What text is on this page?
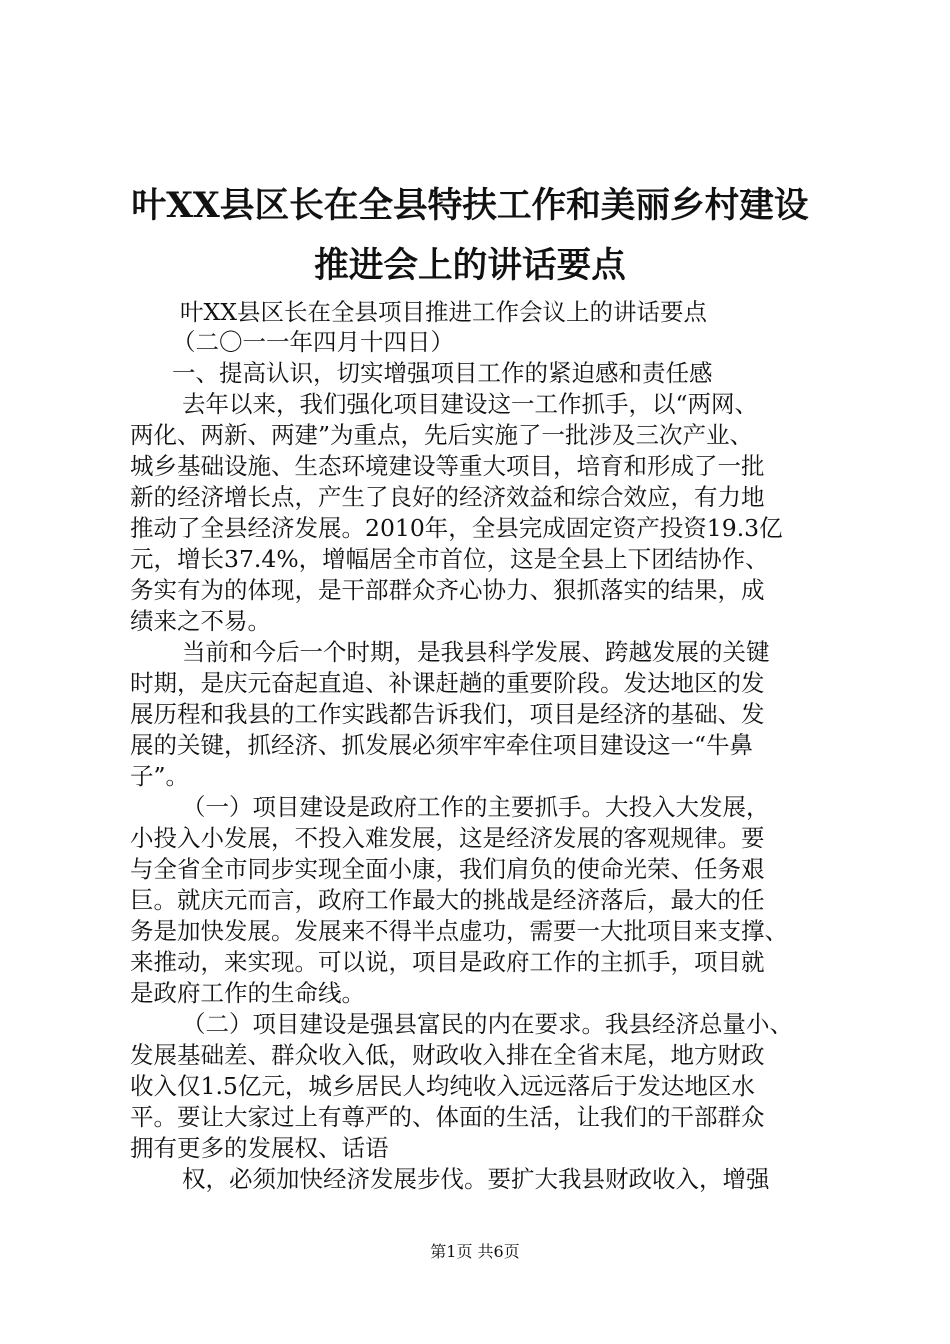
叶XX县区长在全县特扶工作和美丽乡村建设
推进会上的讲话要点
叶XX县区长在全县项目推进工作会议上的讲话要点
（二〇一一年四月十四日）
一、提高认识，切实增强项目工作的紧迫感和责任感
去年以来，我们强化项目建设这一工作抓手，以“两网、
两化、两新、两建”为重点，先后实施了一批涉及三次产业、
城乡基础设施、生态环境建设等重大项目，培育和形成了一批
新的经济增长点，产生了良好的经济效益和综合效应，有力地
推动了全县经济发展。2010年，全县完成固定资产投资19.3亿
元，增长37.4%，增幅居全市首位，这是全县上下团结协作、
务实有为的体现，是干部群众齐心协力、狠抓落实的结果，成
绩来之不易。
当前和今后一个时期，是我县科学发展、跨越发展的关键
时期，是庆元奋起直追、补课赶趟的重要阶段。发达地区的发
展历程和我县的工作实践都告诉我们，项目是经济的基础、发
展的关键，抓经济、抓发展必须牢牢牵住项目建设这一“牛鼻
子”。
（一）项目建设是政府工作的主要抓手。大投入大发展，
小投入小发展，不投入难发展，这是经济发展的客观规律。要
与全省全市同步实现全面小康，我们肩负的使命光荣、任务艰
巨。就庆元而言，政府工作最大的挑战是经济落后，最大的任
务是加快发展。发展来不得半点虚功，需要一大批项目来支撑、
来推动，来实现。可以说，项目是政府工作的主抓手，项目就
是政府工作的生命线。
（二）项目建设是强县富民的内在要求。我县经济总量小、
发展基础差、群众收入低，财政收入排在全省末尾，地方财政
收入仅1.5亿元，城乡居民人均纯收入远远落后于发达地区水
平。要让大家过上有尊严的、体面的生活，让我们的干部群众
拥有更多的发展权、话语
权，必须加快经济发展步伐。要扩大我县财政收入，增强
第1页 共6页
